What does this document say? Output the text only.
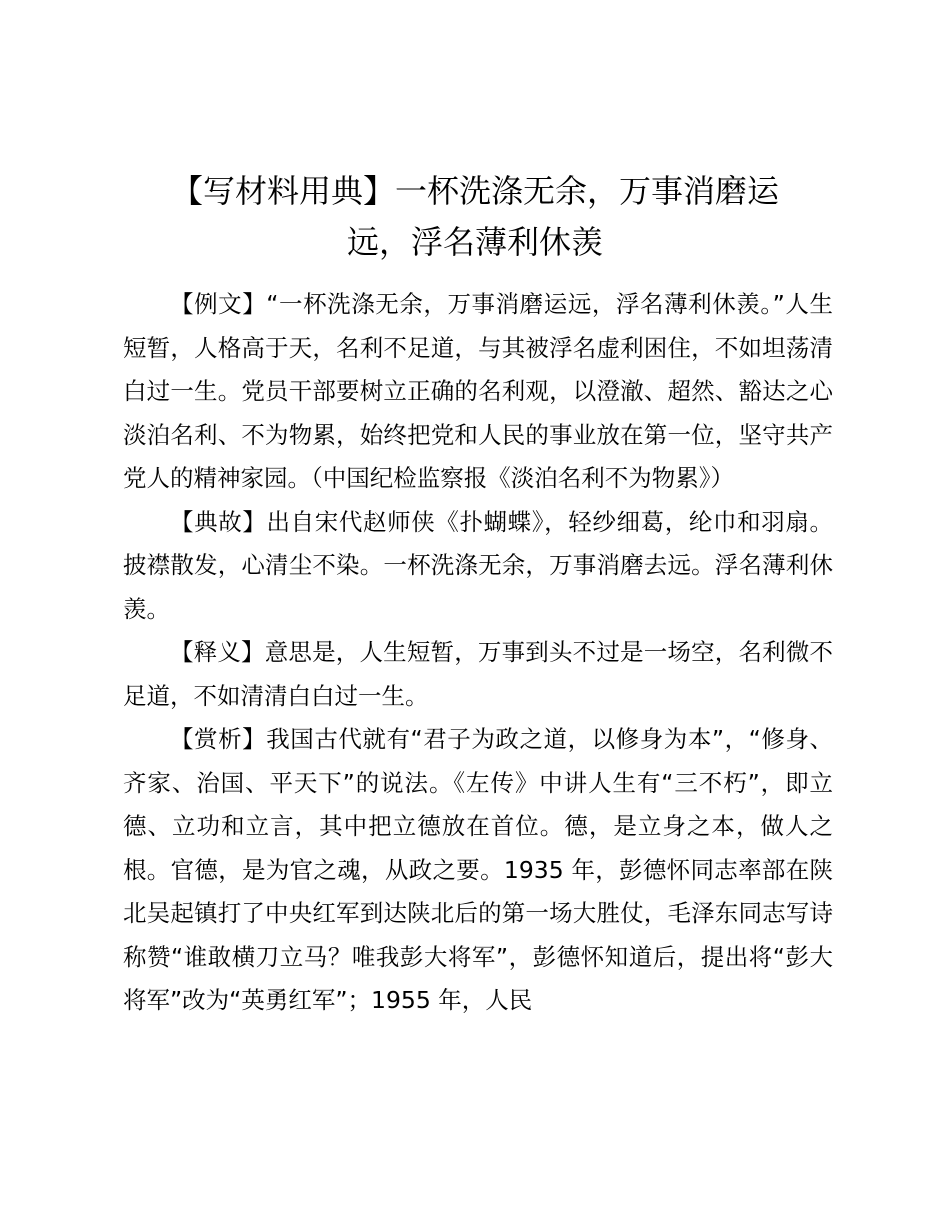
【写材料用典】一杯洗涤无余，万事消磨运
远，浮名薄利休羡

【例文】“一杯洗涤无余，万事消磨运远，浮名薄利休羡。”人生短暂，人格高于天，名利不足道，与其被浮名虚利困住，不如坦荡清白过一生。党员干部要树立正确的名利观，以澄澈、超然、豁达之心淡泊名利、不为物累，始终把党和人民的事业放在第一位，坚守共产党人的精神家园。（中国纪检监察报《淡泊名利不为物累》）

【典故】出自宋代赵师侠《扑蝴蝶》，轻纱细葛，纶巾和羽扇。披襟散发，心清尘不染。一杯洗涤无余，万事消磨去远。浮名薄利休羡。

【释义】意思是，人生短暂，万事到头不过是一场空，名利微不足道，不如清清白白过一生。

【赏析】我国古代就有“君子为政之道，以修身为本”，“修身、齐家、治国、平天下”的说法。《左传》中讲人生有“三不朽”，即立德、立功和立言，其中把立德放在首位。德，是立身之本，做人之根。官德，是为官之魂，从政之要。1935 年，彭德怀同志率部在陕北吴起镇打了中央红军到达陕北后的第一场大胜仗，毛泽东同志写诗称赞“谁敢横刀立马？唯我彭大将军”，彭德怀知道后，提出将“彭大将军”改为“英勇红军”；1955 年，人民
